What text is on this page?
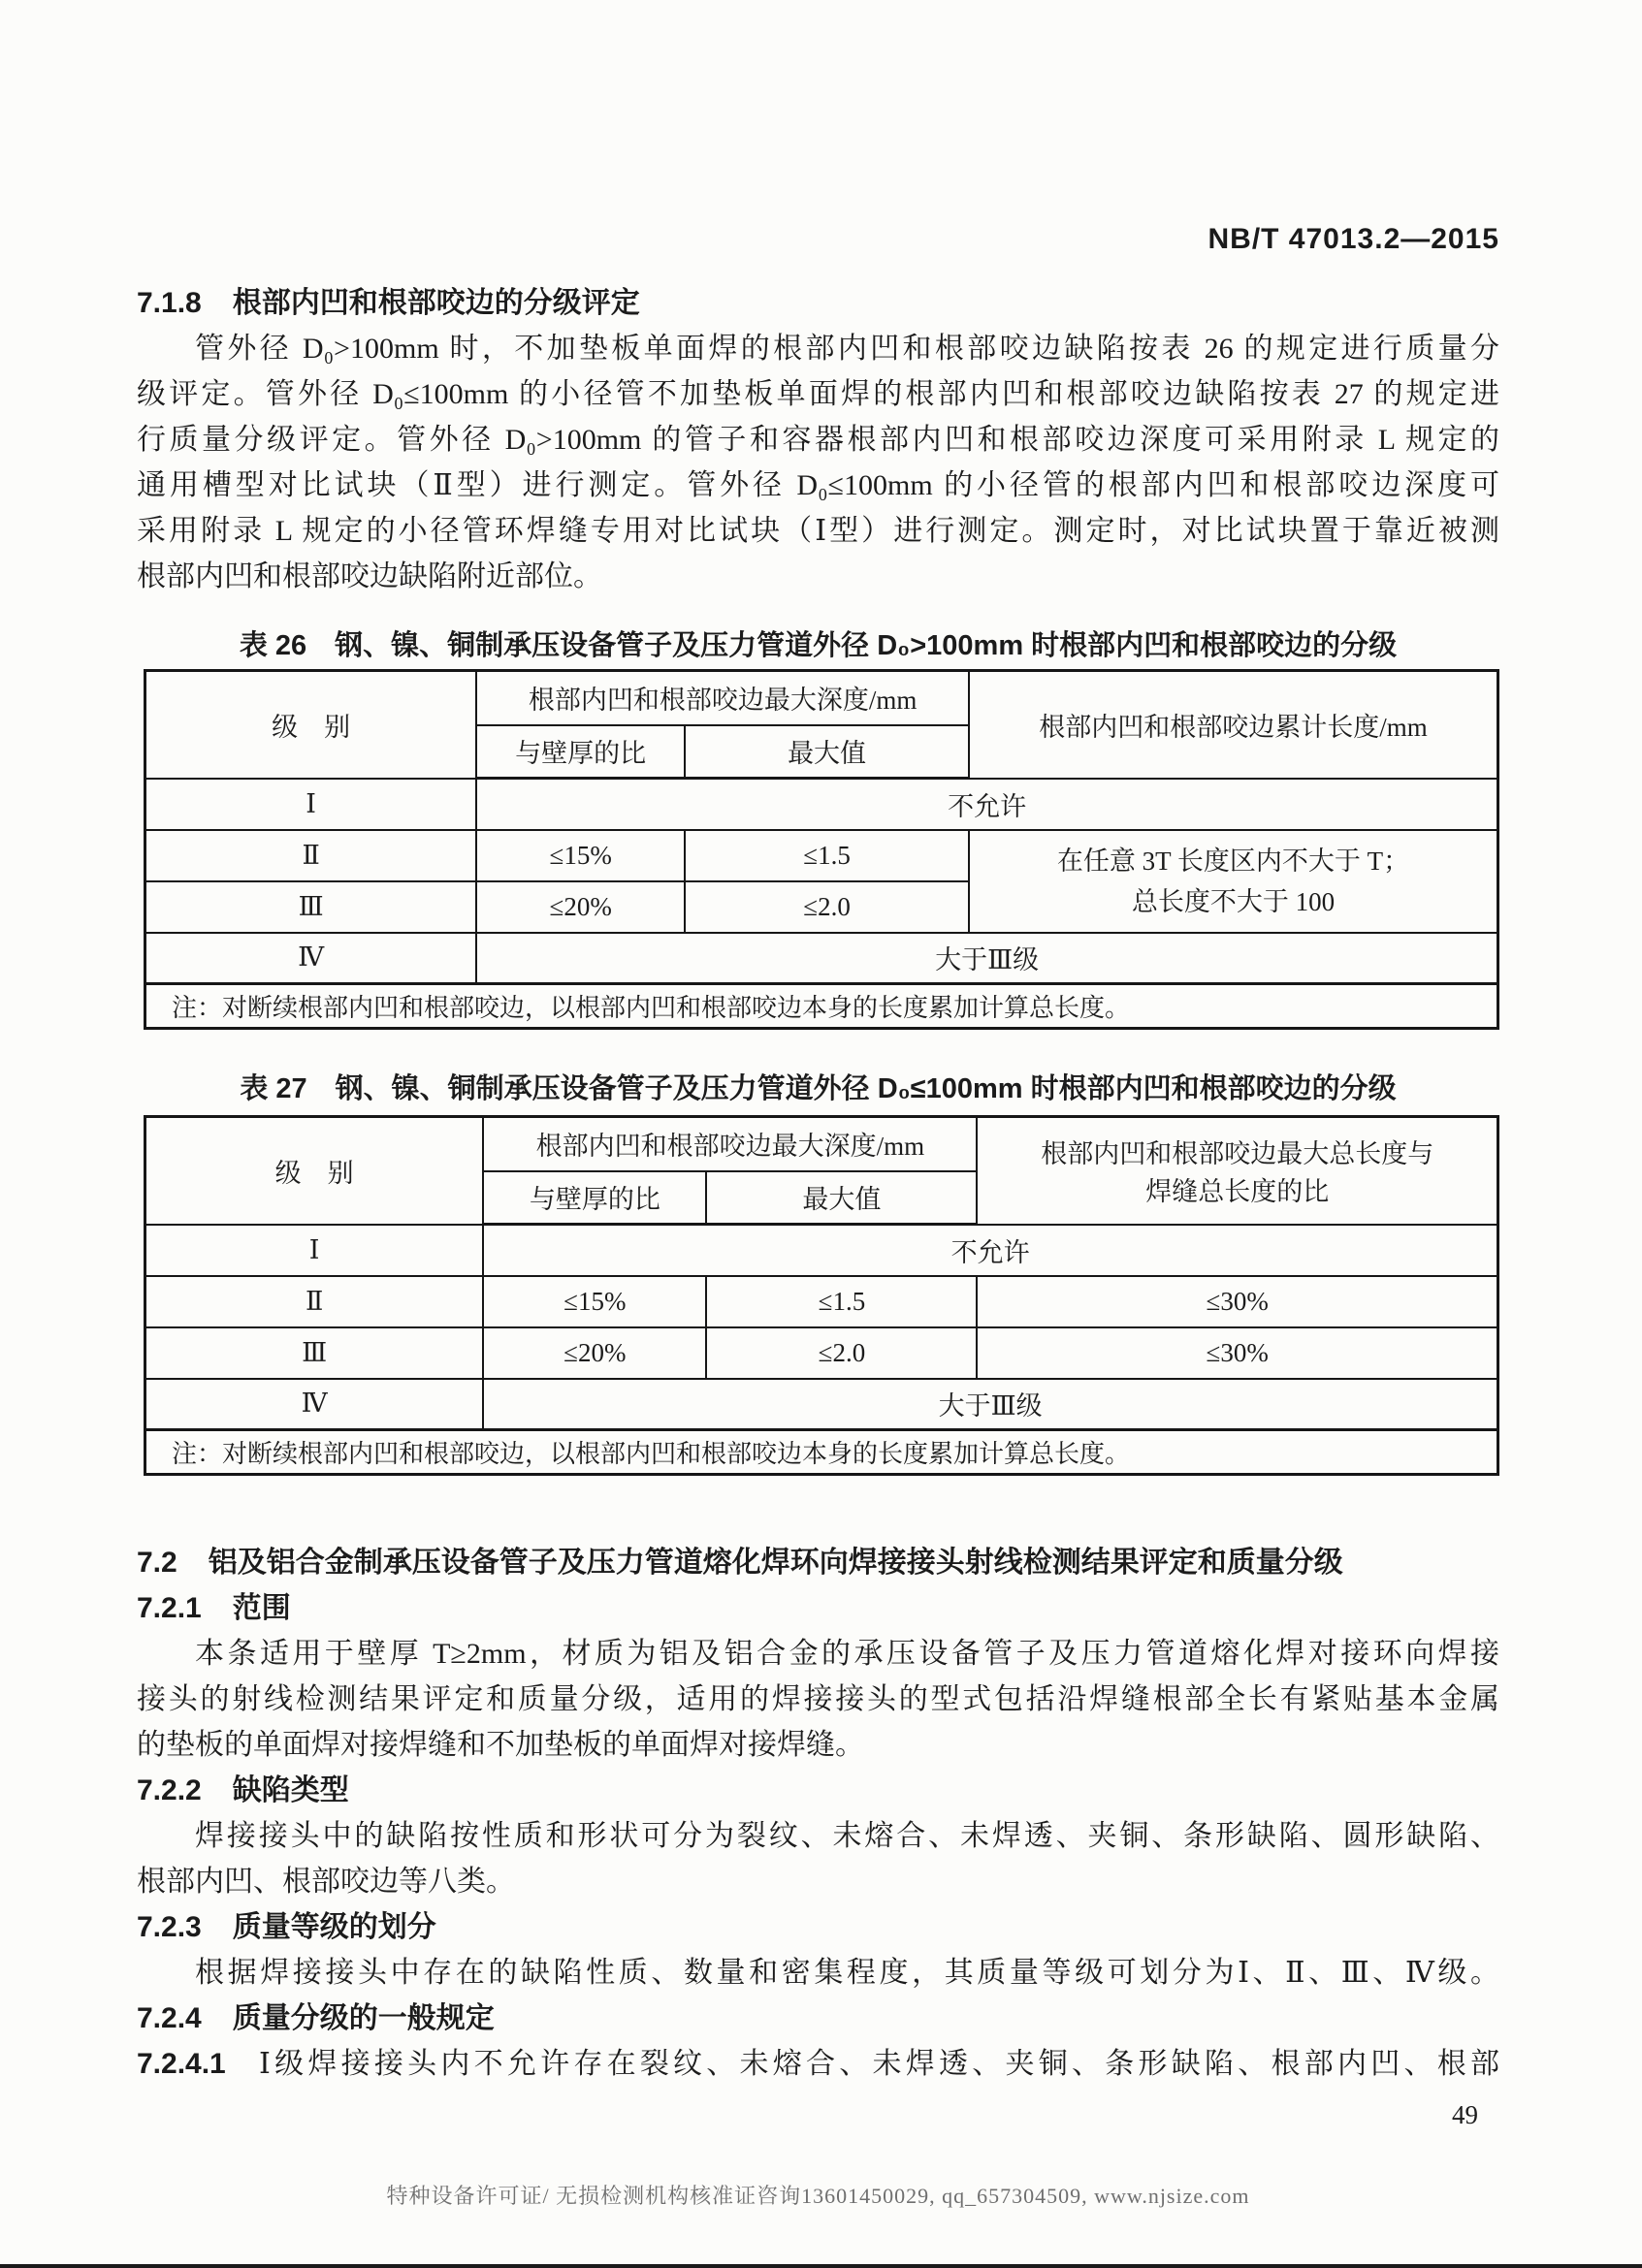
NB/T 47013.2—2015
7.1.8 根部内凹和根部咬边的分级评定
管外径 D₀>100mm 时，不加垫板单面焊的根部内凹和根部咬边缺陷按表 26 的规定进行质量分
级评定。管外径 D₀≤100mm 的小径管不加垫板单面焊的根部内凹和根部咬边缺陷按表 27 的规定进
行质量分级评定。管外径 D₀>100mm 的管子和容器根部内凹和根部咬边深度可采用附录 L 规定的
通用槽型对比试块（Ⅱ型）进行测定。管外径 D₀≤100mm 的小径管的根部内凹和根部咬边深度可
采用附录 L 规定的小径管环焊缝专用对比试块（Ⅰ型）进行测定。测定时，对比试块置于靠近被测
根部内凹和根部咬边缺陷附近部位。
表 26　钢、镍、铜制承压设备管子及压力管道外径 D₀>100mm 时根部内凹和根部咬边的分级
级　别	根部内凹和根部咬边最大深度/mm		根部内凹和根部咬边累计长度/mm
	与壁厚的比	最大值	
Ⅰ	不允许		
Ⅱ	≤15%	≤1.5	在任意 3T 长度区内不大于 T；
总长度不大于 100

Ⅲ	≤20%	≤2.0	
Ⅳ	大于Ⅲ级		
注：对断续根部内凹和根部咬边，以根部内凹和根部咬边本身的长度累加计算总长度。			
表 27　钢、镍、铜制承压设备管子及压力管道外径 D₀≤100mm 时根部内凹和根部咬边的分级
级　别	根部内凹和根部咬边最大深度/mm		根部内凹和根部咬边最大总长度与焊缝总长度的比
	与壁厚的比	最大值	
Ⅰ	不允许		
Ⅱ	≤15%	≤1.5	≤30%
Ⅲ	≤20%	≤2.0	≤30%
Ⅳ	大于Ⅲ级		
注：对断续根部内凹和根部咬边，以根部内凹和根部咬边本身的长度累加计算总长度。			
7.2 铝及铝合金制承压设备管子及压力管道熔化焊环向焊接接头射线检测结果评定和质量分级
7.2.1 范围
本条适用于壁厚 T≥2mm，材质为铝及铝合金的承压设备管子及压力管道熔化焊对接环向焊接
接头的射线检测结果评定和质量分级，适用的焊接接头的型式包括沿焊缝根部全长有紧贴基本金属
的垫板的单面焊对接焊缝和不加垫板的单面焊对接焊缝。
7.2.2 缺陷类型
焊接接头中的缺陷按性质和形状可分为裂纹、未熔合、未焊透、夹铜、条形缺陷、圆形缺陷、
根部内凹、根部咬边等八类。
7.2.3 质量等级的划分
根据焊接接头中存在的缺陷性质、数量和密集程度，其质量等级可划分为Ⅰ、Ⅱ、Ⅲ、Ⅳ级。
7.2.4 质量分级的一般规定
7.2.4.1 Ⅰ级焊接接头内不允许存在裂纹、未熔合、未焊透、夹铜、条形缺陷、根部内凹、根部
49
特种设备许可证/ 无损检测机构核准证咨询13601450029, qq_657304509, www.njsize.com
